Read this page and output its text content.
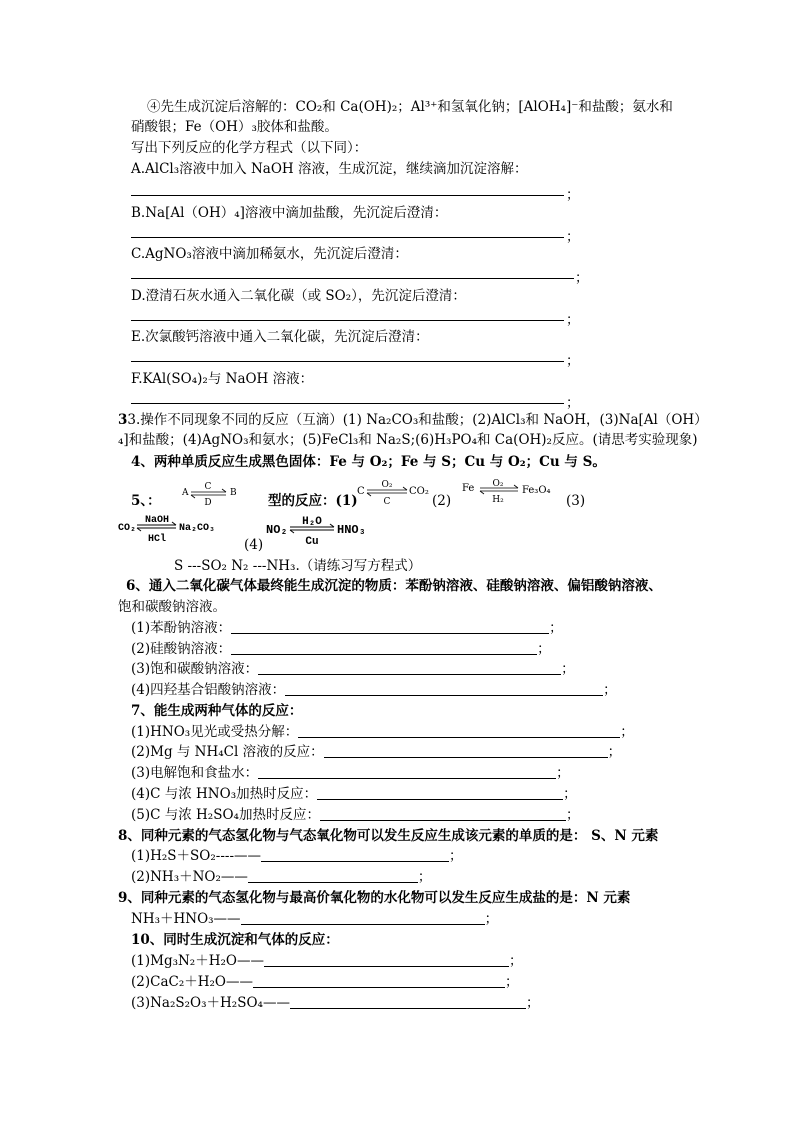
④先生成沉淀后溶解的：CO₂和 Ca(OH)₂；Al³⁺和氢氧化钠；[AlOH₄]⁻和盐酸；氨水和
硝酸银；Fe（OH）₃胶体和盐酸。
写出下列反应的化学方程式（以下同）：
A.AlCl₃溶液中加入 NaOH 溶液，生成沉淀，继续滴加沉淀溶解：
；
B.Na[Al（OH）₄]溶液中滴加盐酸，先沉淀后澄清：
；
C.AgNO₃溶液中滴加稀氨水，先沉淀后澄清：
；
D.澄清石灰水通入二氧化碳（或 SO₂），先沉淀后澄清：
；
E.次氯酸钙溶液中通入二氧化碳，先沉淀后澄清：
；
F.KAl(SO₄)₂与 NaOH 溶液：
；
33.操作不同现象不同的反应（互滴）(1) Na₂CO₃和盐酸；(2)AlCl₃和 NaOH，(3)Na[Al（OH）
₄]和盐酸；(4)AgNO₃和氨水；(5)FeCl₃和 Na₂S;(6)H₃PO₄和 Ca(OH)₂反应。(请思考实验现象)
4、两种单质反应生成黑色固体：Fe 与 O₂；Fe 与 S；Cu 与 O₂；Cu 与 S。
5、： A
C
D
B 型的反应：(1)
C
O₂
C
CO₂
(2)
Fe O₂
H₂
Fe₃O₄
(3)
CO₂
NaOH
HCl
Na₂CO₃
(4)
NO₂
H₂O
Cu
HNO₃
S ---SO₂ N₂ ---NH₃.（请练习写方程式）
6、通入二氧化碳气体最终能生成沉淀的物质：苯酚钠溶液、硅酸钠溶液、偏铝酸钠溶液、
饱和碳酸钠溶液。
(1)苯酚钠溶液：	；
(2)硅酸钠溶液：	；
(3)饱和碳酸钠溶液：	；
(4)四羟基合铝酸钠溶液：	；
7、能生成两种气体的反应：
(1)HNO₃见光或受热分解：	；
(2)Mg 与 NH₄Cl 溶液的反应：	；
(3)电解饱和食盐水：	；
(4)C 与浓 HNO₃加热时反应：	；
(5)C 与浓 H₂SO₄加热时反应：	；
8、同种元素的气态氢化物与气态氧化物可以发生反应生成该元素的单质的是： S、N 元素
(1)H₂S＋SO₂----——	；
(2)NH₃＋NO₂——	；
9、同种元素的气态氢化物与最高价氧化物的水化物可以发生反应生成盐的是：N 元素
NH₃＋HNO₃——	；
10、同时生成沉淀和气体的反应：
(1)Mg₃N₂＋H₂O——	；
(2)CaC₂＋H₂O——	；
(3)Na₂S₂O₃＋H₂SO₄——	；
